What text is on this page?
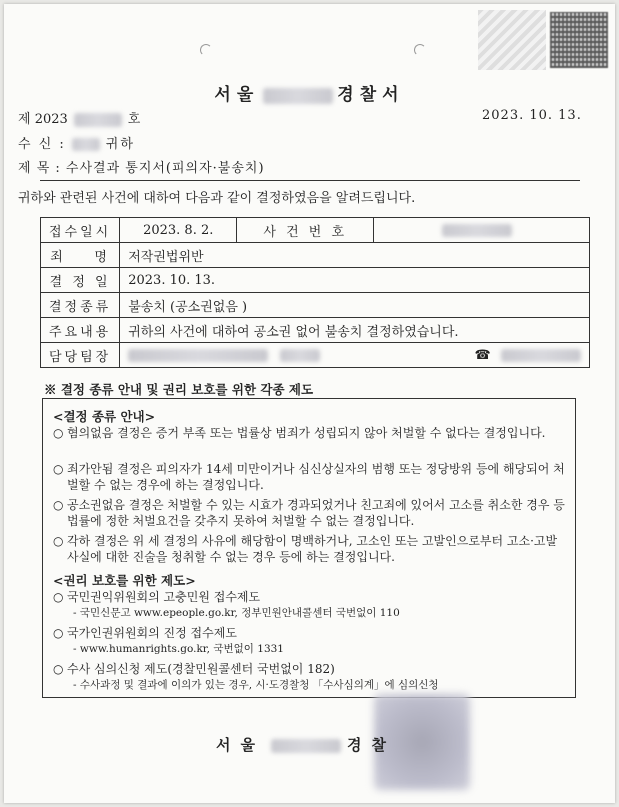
서울	경찰서
제 2023	호	2023. 10. 13.
수 신 :	귀하
제 목 : 수사결과 통지서(피의자·불송치)
귀하와 관련된 사건에 대하여 다음과 같이 결정하였음을 알려드립니다.
접수일시	2023. 8. 2.	사 건 번 호	
죄    명	저작권법위반		
결 정 일	2023. 10. 13.		
결정종류	불송치 (공소권없음 )		
주요내용	귀하의 사건에 대하여 공소권 없어 불송치 결정하였습니다.		
담당팀장	☎		
※ 결정 종류 안내 및 권리 보호를 위한 각종 제도
<결정 종류 안내>
○ 혐의없음 결정은 증거 부족 또는 법률상 범죄가 성립되지 않아 처벌할 수 없다는 결정입니다.
○ 죄가안됨 결정은 피의자가 14세 미만이거나 심신상실자의 범행 또는 정당방위 등에 해당되어 처벌할 수 없는 경우에 하는 결정입니다.
○ 공소권없음 결정은 처벌할 수 있는 시효가 경과되었거나 친고죄에 있어서 고소를 취소한 경우 등 법률에 정한 처벌요건을 갖추지 못하여 처벌할 수 없는 결정입니다.
○ 각하 결정은 위 세 결정의 사유에 해당함이 명백하거나, 고소인 또는 고발인으로부터 고소·고발 사실에 대한 진술을 청취할 수 없는 경우 등에 하는 결정입니다.
<권리 보호를 위한 제도>
○ 국민권익위원회의 고충민원 접수제도
- 국민신문고 www.epeople.go.kr, 정부민원안내콜센터 국번없이 110
○ 국가인권위원회의 진정 접수제도
- www.humanrights.go.kr, 국번없이 1331
○ 수사 심의신청 제도(경찰민원콜센터 국번없이 182)
- 수사과정 및 결과에 이의가 있는 경우, 시·도경찰청 「수사심의계」에 심의신청
서울	경찰
